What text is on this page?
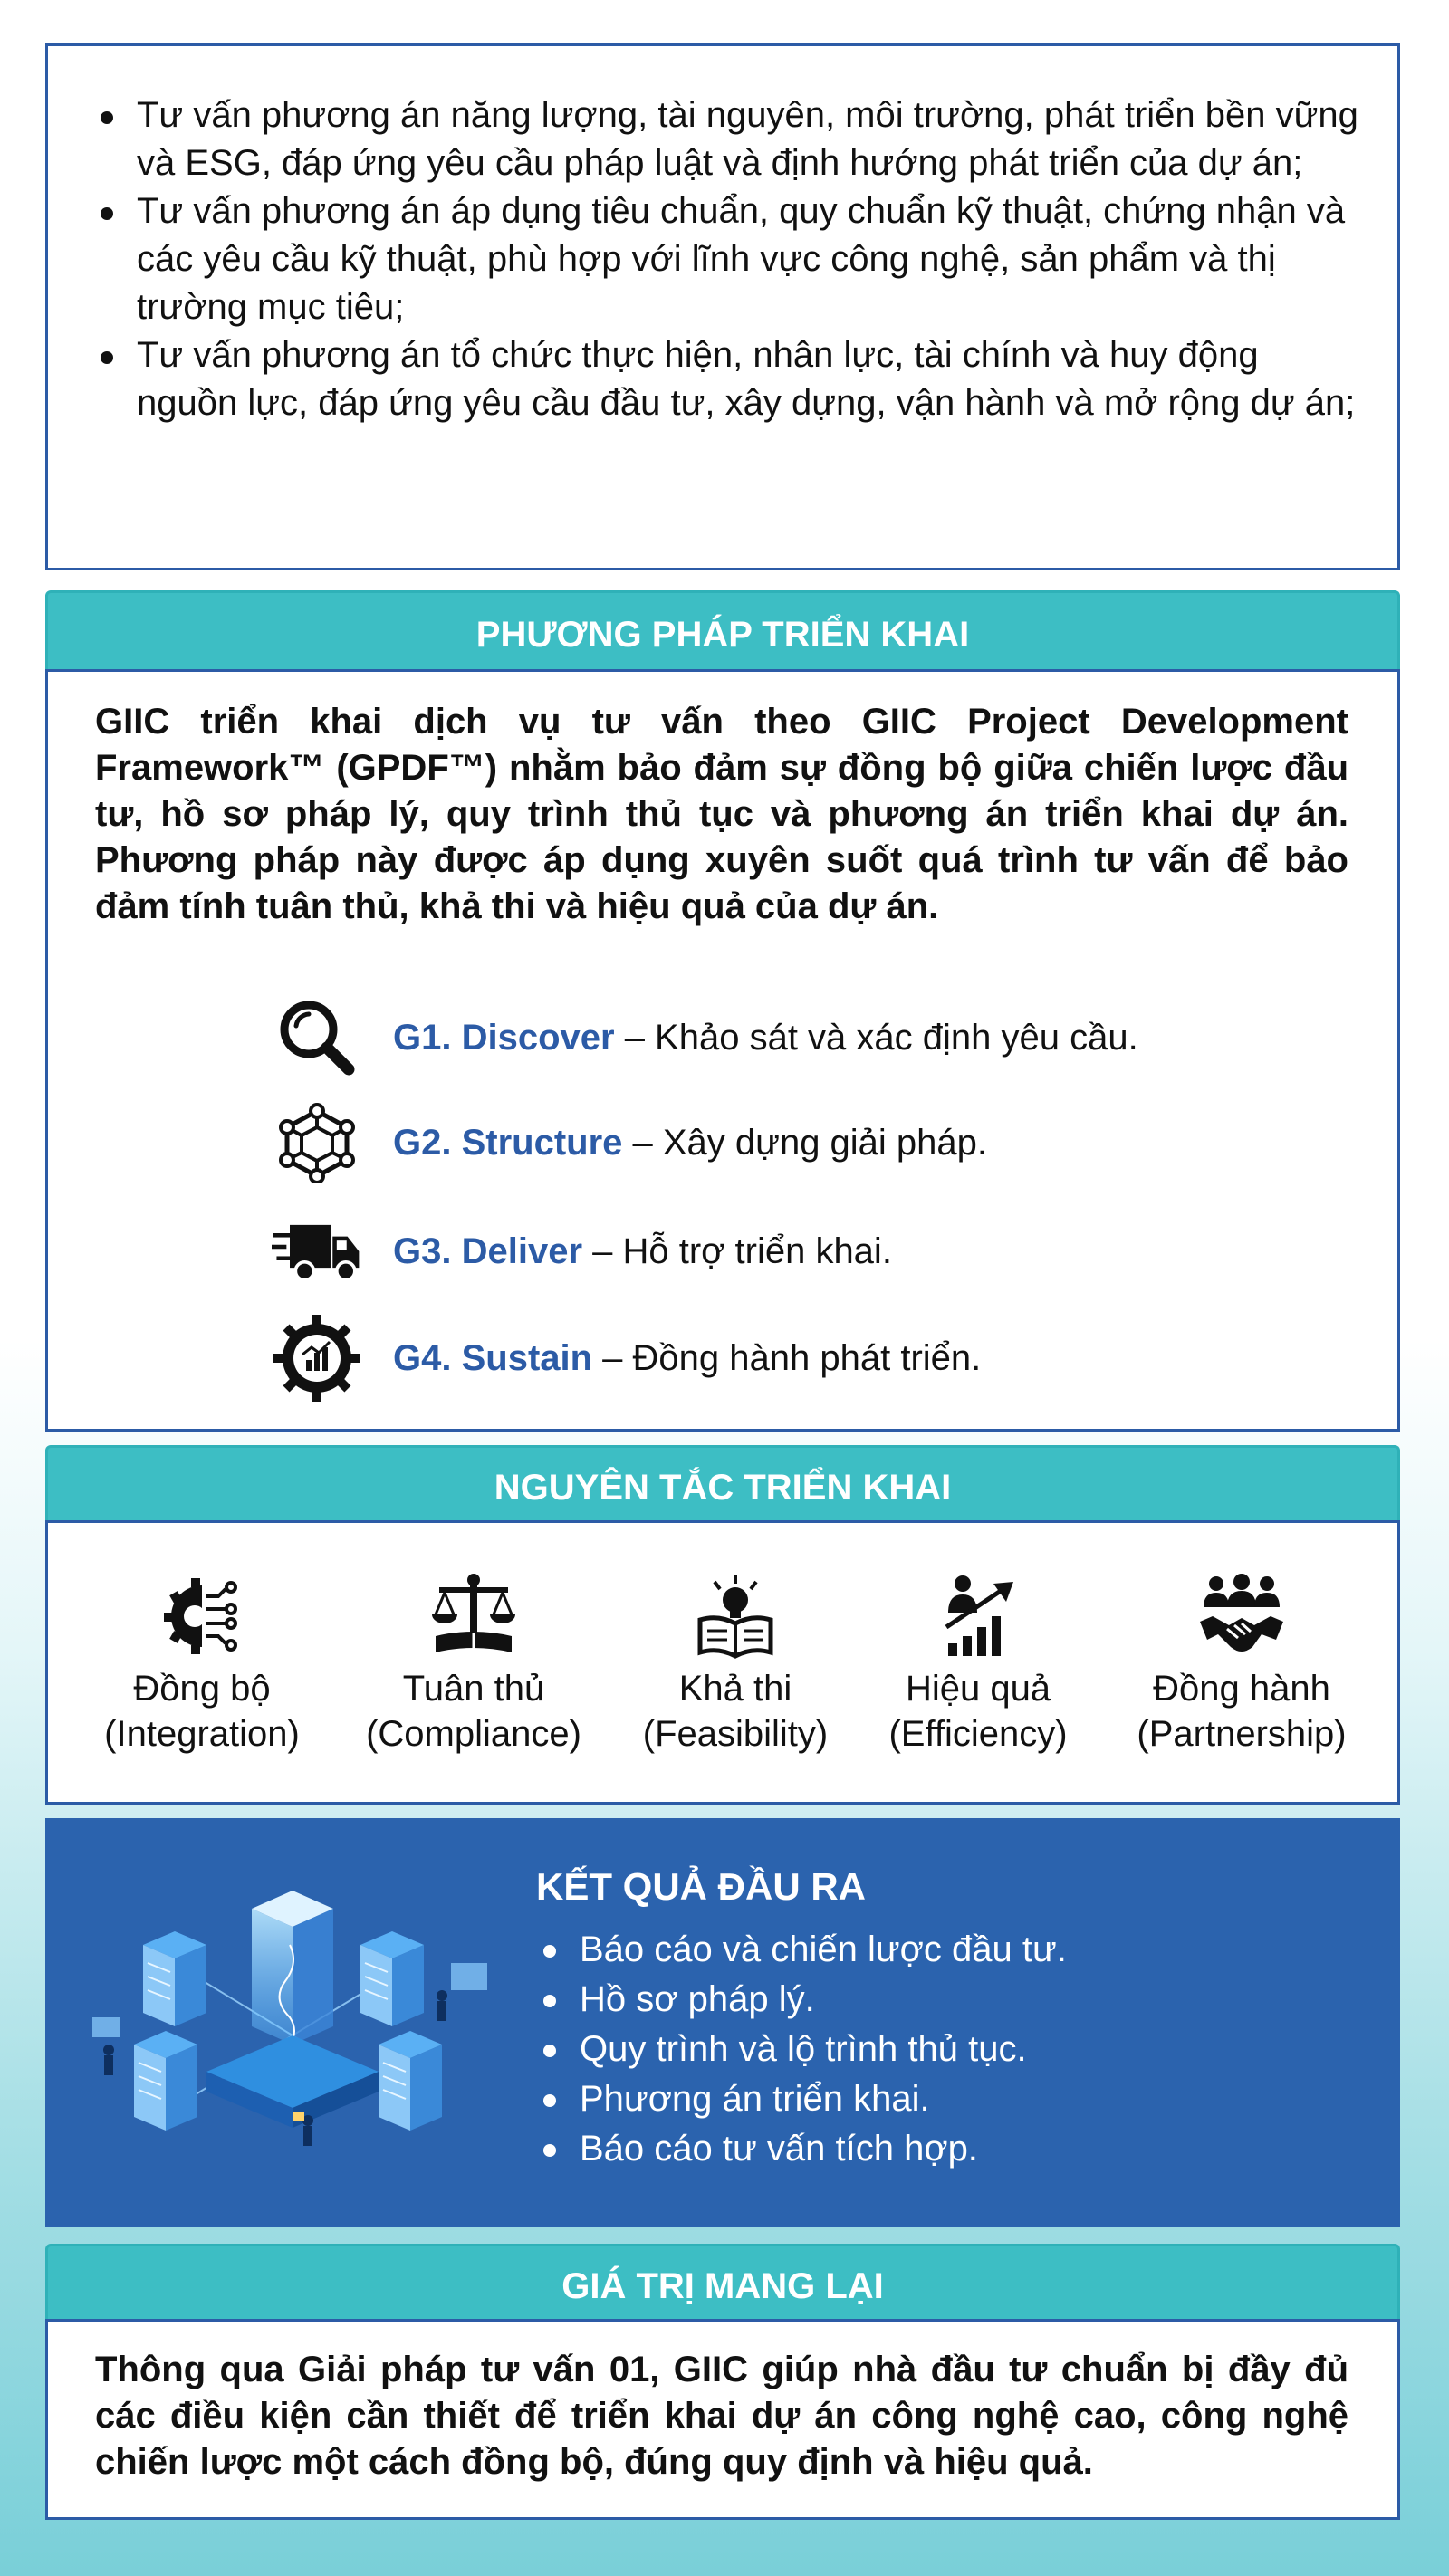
Tư vấn phương án năng lượng, tài nguyên, môi trường, phát triển bền vững và ESG, đáp ứng yêu cầu pháp luật và định hướng phát triển của dự án;
Tư vấn phương án áp dụng tiêu chuẩn, quy chuẩn kỹ thuật, chứng nhận và các yêu cầu kỹ thuật, phù hợp với lĩnh vực công nghệ, sản phẩm và thị trường mục tiêu;
Tư vấn phương án tổ chức thực hiện, nhân lực, tài chính và huy động nguồn lực, đáp ứng yêu cầu đầu tư, xây dựng, vận hành và mở rộng dự án;
PHƯƠNG PHÁP TRIỂN KHAI

GIIC triển khai dịch vụ tư vấn theo GIIC Project Development Framework™ (GPDF™) nhằm bảo đảm sự đồng bộ giữa chiến lược đầu tư, hồ sơ pháp lý, quy trình thủ tục và phương án triển khai dự án. Phương pháp này được áp dụng xuyên suốt quá trình tư vấn để bảo đảm tính tuân thủ, khả thi và hiệu quả của dự án.

G1. Discover – Khảo sát và xác định yêu cầu.
G2. Structure – Xây dựng giải pháp.
G3. Deliver – Hỗ trợ triển khai.
G4. Sustain – Đồng hành phát triển.
NGUYÊN TẮC TRIỂN KHAI
Đồng bộ
(Integration)
Tuân thủ
(Compliance)
Khả thi
(Feasibility)
Hiệu quả
(Efficiency)
Đồng hành
(Partnership)
KẾT QUẢ ĐẦU RA
Báo cáo và chiến lược đầu tư.
Hồ sơ pháp lý.
Quy trình và lộ trình thủ tục.
Phương án triển khai.
Báo cáo tư vấn tích hợp.
GIÁ TRỊ MANG LẠI

Thông qua Giải pháp tư vấn 01, GIIC giúp nhà đầu tư chuẩn bị đầy đủ các điều kiện cần thiết để triển khai dự án công nghệ cao, công nghệ chiến lược một cách đồng bộ, đúng quy định và hiệu quả.
